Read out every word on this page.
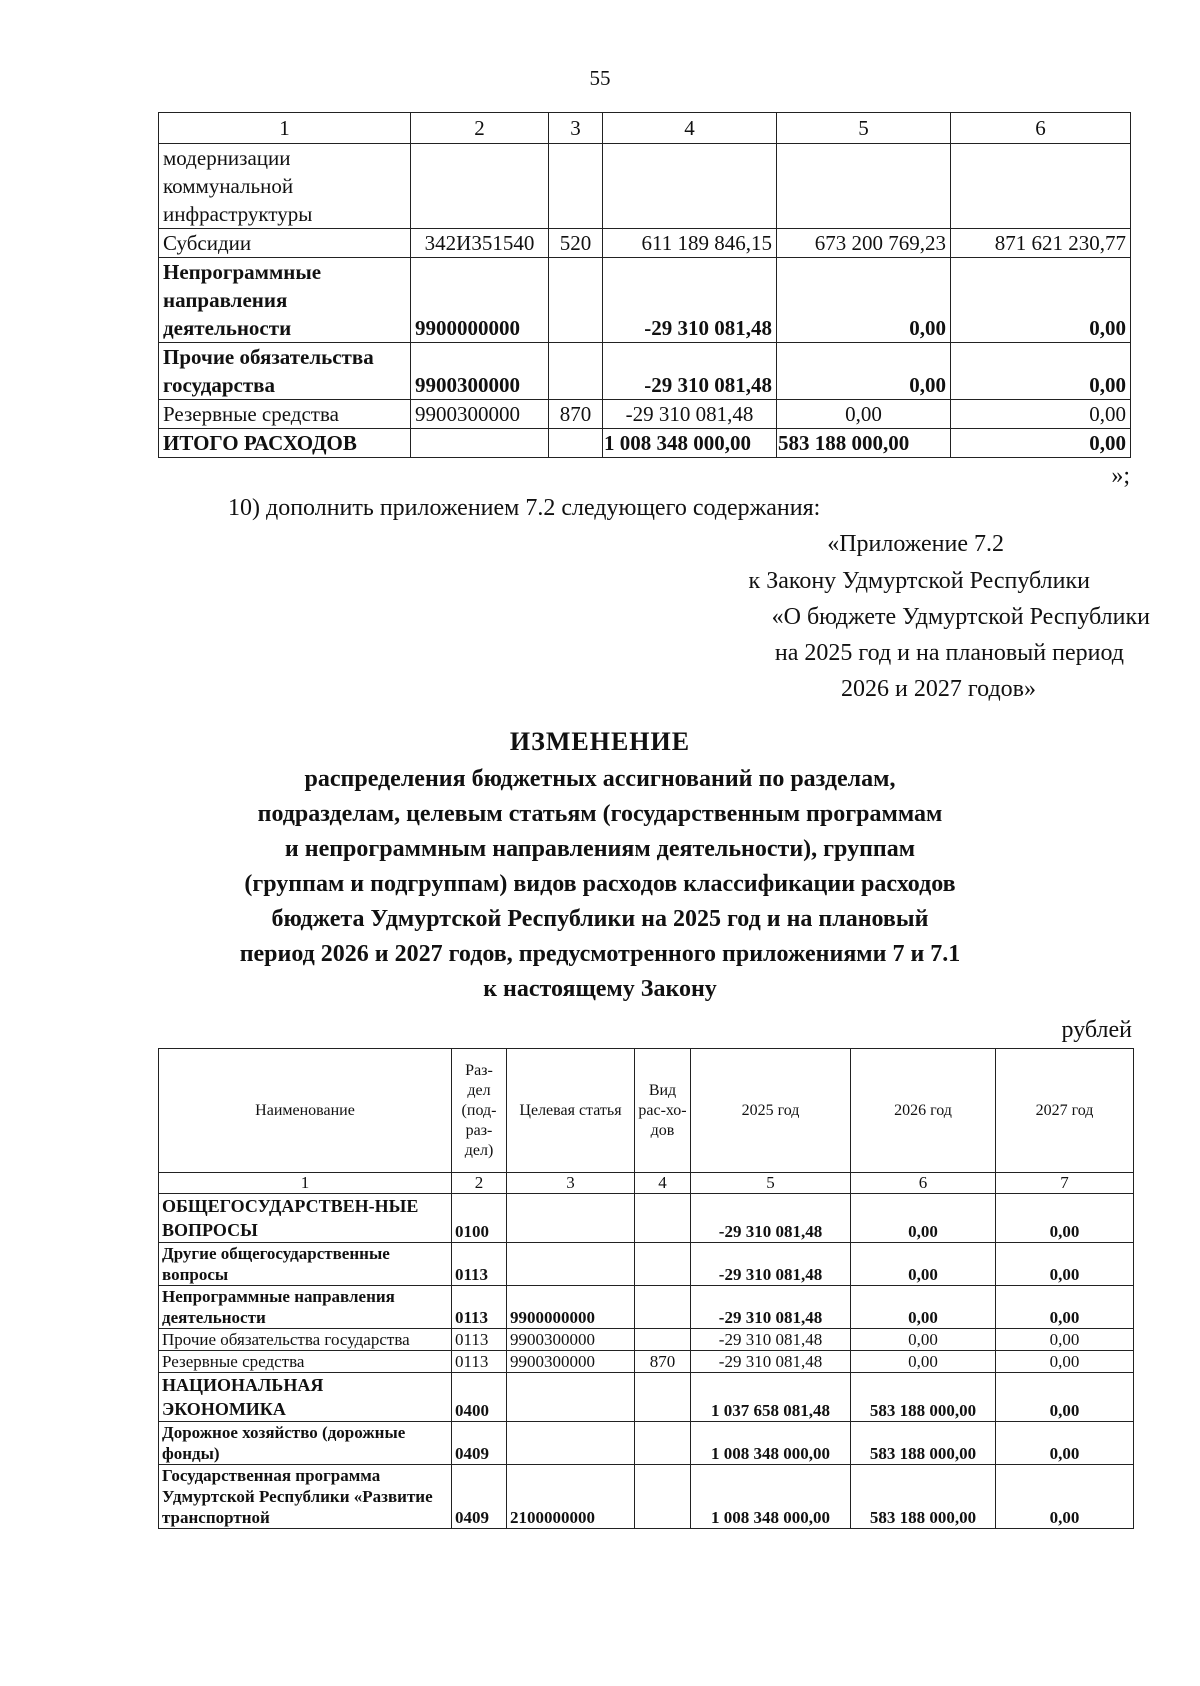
55
1	2	3	4	5	6
модернизации коммунальной инфраструктуры					
Субсидии	342И351540	520	611 189 846,15	673 200 769,23	871 621 230,77
Непрограммные направления деятельности	9900000000		-29 310 081,48	0,00	0,00
Прочие обязательства государства	9900300000		-29 310 081,48	0,00	0,00
Резервные средства	9900300000	870	-29 310 081,48	0,00	0,00
ИТОГО РАСХОДОВ			1 008 348 000,00	583 188 000,00	0,00
»;
10) дополнить приложением 7.2 следующего содержания:
«Приложение 7.2
к Закону Удмуртской Республики
«О бюджете Удмуртской Республики
на 2025 год и на плановый период
2026 и 2027 годов»
ИЗМЕНЕНИЕ
распределения бюджетных ассигнований по разделам,
подразделам, целевым статьям (государственным программам
и непрограммным направлениям деятельности), группам
(группам и подгруппам) видов расходов классификации расходов
бюджета Удмуртской Республики на 2025 год и на плановый
период 2026 и 2027 годов, предусмотренного приложениями 7 и 7.1
к настоящему Закону
рублей
Наименование	Раз-дел (под-раз-дел)	Целевая статья	Вид рас-хо-дов	2025 год	2026 год	2027 год
1	2	3	4	5	6	7
ОБЩЕГОСУДАРСТВЕН-НЫЕ ВОПРОСЫ	0100			-29 310 081,48	0,00	0,00
Другие общегосударственные вопросы	0113			-29 310 081,48	0,00	0,00
Непрограммные направления деятельности	0113	9900000000		-29 310 081,48	0,00	0,00
Прочие обязательства государства	0113	9900300000		-29 310 081,48	0,00	0,00
Резервные средства	0113	9900300000	870	-29 310 081,48	0,00	0,00
НАЦИОНАЛЬНАЯ ЭКОНОМИКА	0400			1 037 658 081,48	583 188 000,00	0,00
Дорожное хозяйство (дорожные фонды)	0409			1 008 348 000,00	583 188 000,00	0,00
Государственная программа Удмуртской Республики «Развитие транспортной	0409	2100000000		1 008 348 000,00	583 188 000,00	0,00
